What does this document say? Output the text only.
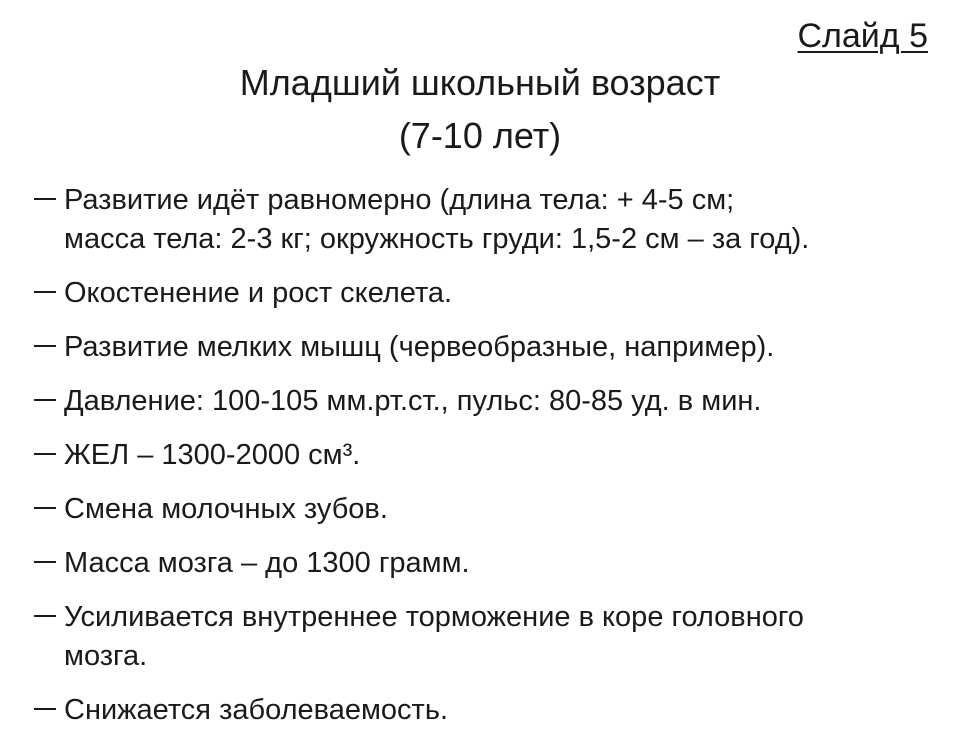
Слайд 5
Младший школьный возраст
(7-10 лет)
Развитие идёт равномерно (длина тела: + 4-5 см;
масса тела: 2-3 кг; окружность груди: 1,5-2 см – за год).
Окостенение и рост скелета.
Развитие мелких мышц (червеобразные, например).
Давление: 100-105 мм.рт.ст., пульс: 80-85 уд. в мин.
ЖЕЛ – 1300-2000 см³.
Смена молочных зубов.
Масса мозга – до 1300 грамм.
Усиливается внутреннее торможение в коре головного
мозга.
Снижается заболеваемость.
